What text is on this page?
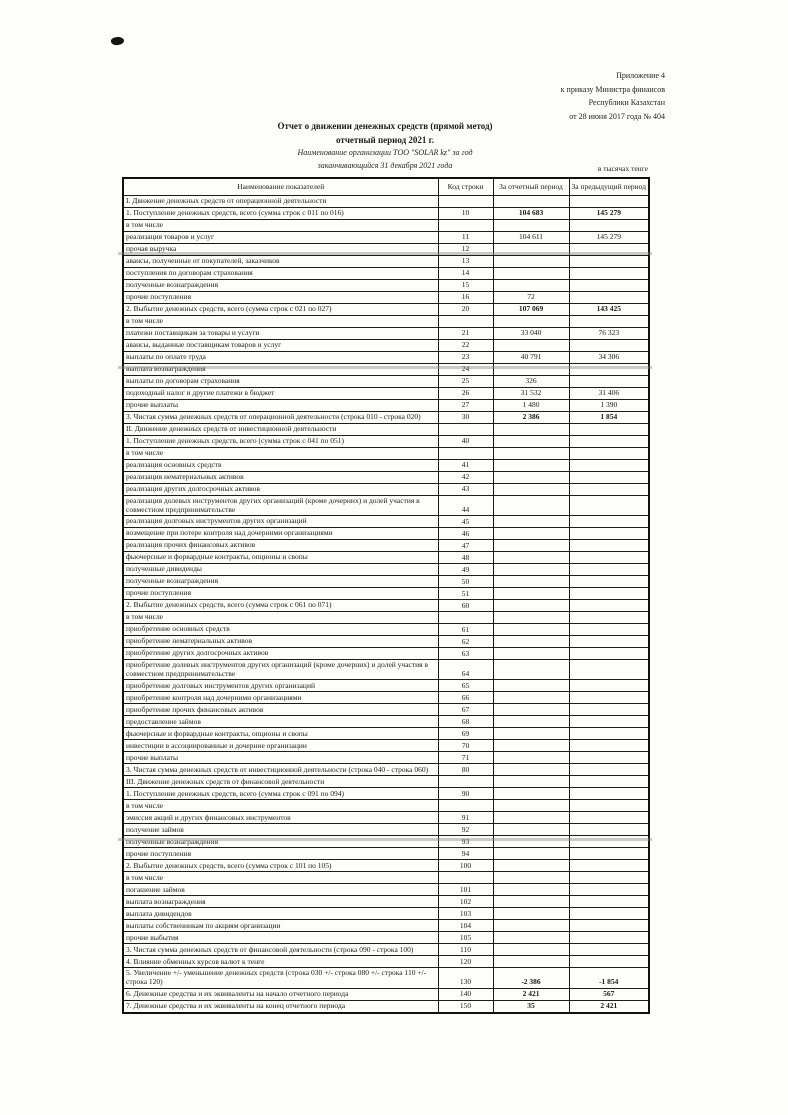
Приложение 4
к приказу Министра финансов
Республики Казахстан
от 28 июня 2017 года № 404
Отчет о движении денежных средств (прямой метод)
отчетный период 2021 г.
Наименование организации ТОО "SOLAR kz" за год
заканчивающийся 31 декабря 2021 года	в тысячах тенге
Наименование показателей	Код строки	За отчетный период	За предыдущий период
I. Движение денежных средств от операционной деятельности			
1. Поступление денежных средств, всего (сумма строк с 011 по 016)	10	104 683	145 279
в том числе			
реализация товаров и услуг	11	104 611	145 279
прочая выручка	12		
авансы, полученные от покупателей, заказчиков	13		
поступления по договорам страхования	14		
полученные вознаграждения	15		
прочие поступления	16	72	
2. Выбытие денежных средств, всего (сумма строк с 021 по 027)	20	107 069	143 425
в том числе			
платежи поставщикам за товары и услуги	21	33 040	76 323
авансы, выданные поставщикам товаров и услуг	22		
выплаты по оплате труда	23	40 791	34 306
выплата вознаграждения	24		
выплаты по договорам страхования	25	326	
подоходный налог и другие платежи в бюджет	26	31 532	31 406
прочие выплаты	27	1 480	1 390
3. Чистая сумма денежных средств от операционной деятельности (строка 010 - строка 020)	30	2 386	1 854
II. Движение денежных средств от инвестиционной деятельности			
1. Поступление денежных средств, всего (сумма строк с 041 по 051)	40		
в том числе			
реализация основных средств	41		
реализация нематериальных активов	42		
реализация других долгосрочных активов	43		
реализация долевых инструментов других организаций (кроме дочерних) и долей участия в совместном предпринимательстве	44		
реализация долговых инструментов других организаций	45		
возмещение при потере контроля над дочерними организациями	46		
реализация прочих финансовых активов	47		
фьючерсные и форвардные контракты, опционы и свопы	48		
полученные дивиденды	49		
полученные вознаграждения	50		
прочие поступления	51		
2. Выбытие денежных средств, всего (сумма строк с 061 по 071)	60		
в том числе			
приобретение основных средств	61		
приобретение нематериальных активов	62		
приобретение других долгосрочных активов	63		
приобретение долевых инструментов других организаций (кроме дочерних) и долей участия в совместном предпринимательстве	64		
приобретение долговых инструментов других организаций	65		
приобретение контроля над дочерними организациями	66		
приобретение прочих финансовых активов	67		
предоставление займов	68		
фьючерсные и форвардные контракты, опционы и свопы	69		
инвестиции в ассоциированные и дочерние организации	70		
прочие выплаты	71		
3. Чистая сумма денежных средств от инвестиционной деятельности (строка 040 - строка 060)	80		
III. Движение денежных средств от финансовой деятельности			
1. Поступление денежных средств, всего (сумма строк с 091 по 094)	90		
в том числе			
эмиссия акций и других финансовых инструментов	91		
получение займов	92		
полученные вознаграждения	93		
прочие поступления	94		
2. Выбытие денежных средств, всего (сумма строк с 101 по 105)	100		
в том числе			
погашение займов	101		
выплата вознаграждения	102		
выплата дивидендов	103		
выплаты собственникам по акциям организации	104		
прочие выбытия	105		
3. Чистая сумма денежных средств от финансовой деятельности (строка 090 - строка 100)	110		
4. Влияние обменных курсов валют к тенге	120		
5. Увеличение +/- уменьшение денежных средств (строка 030 +/- строка 080 +/- строка 110 +/- строка 120)	130	-2 386	-1 854
6. Денежные средства и их эквиваленты на начало отчетного периода	140	2 421	567
7. Денежные средства и их эквиваленты на конец отчетного периода	150	35	2 421
